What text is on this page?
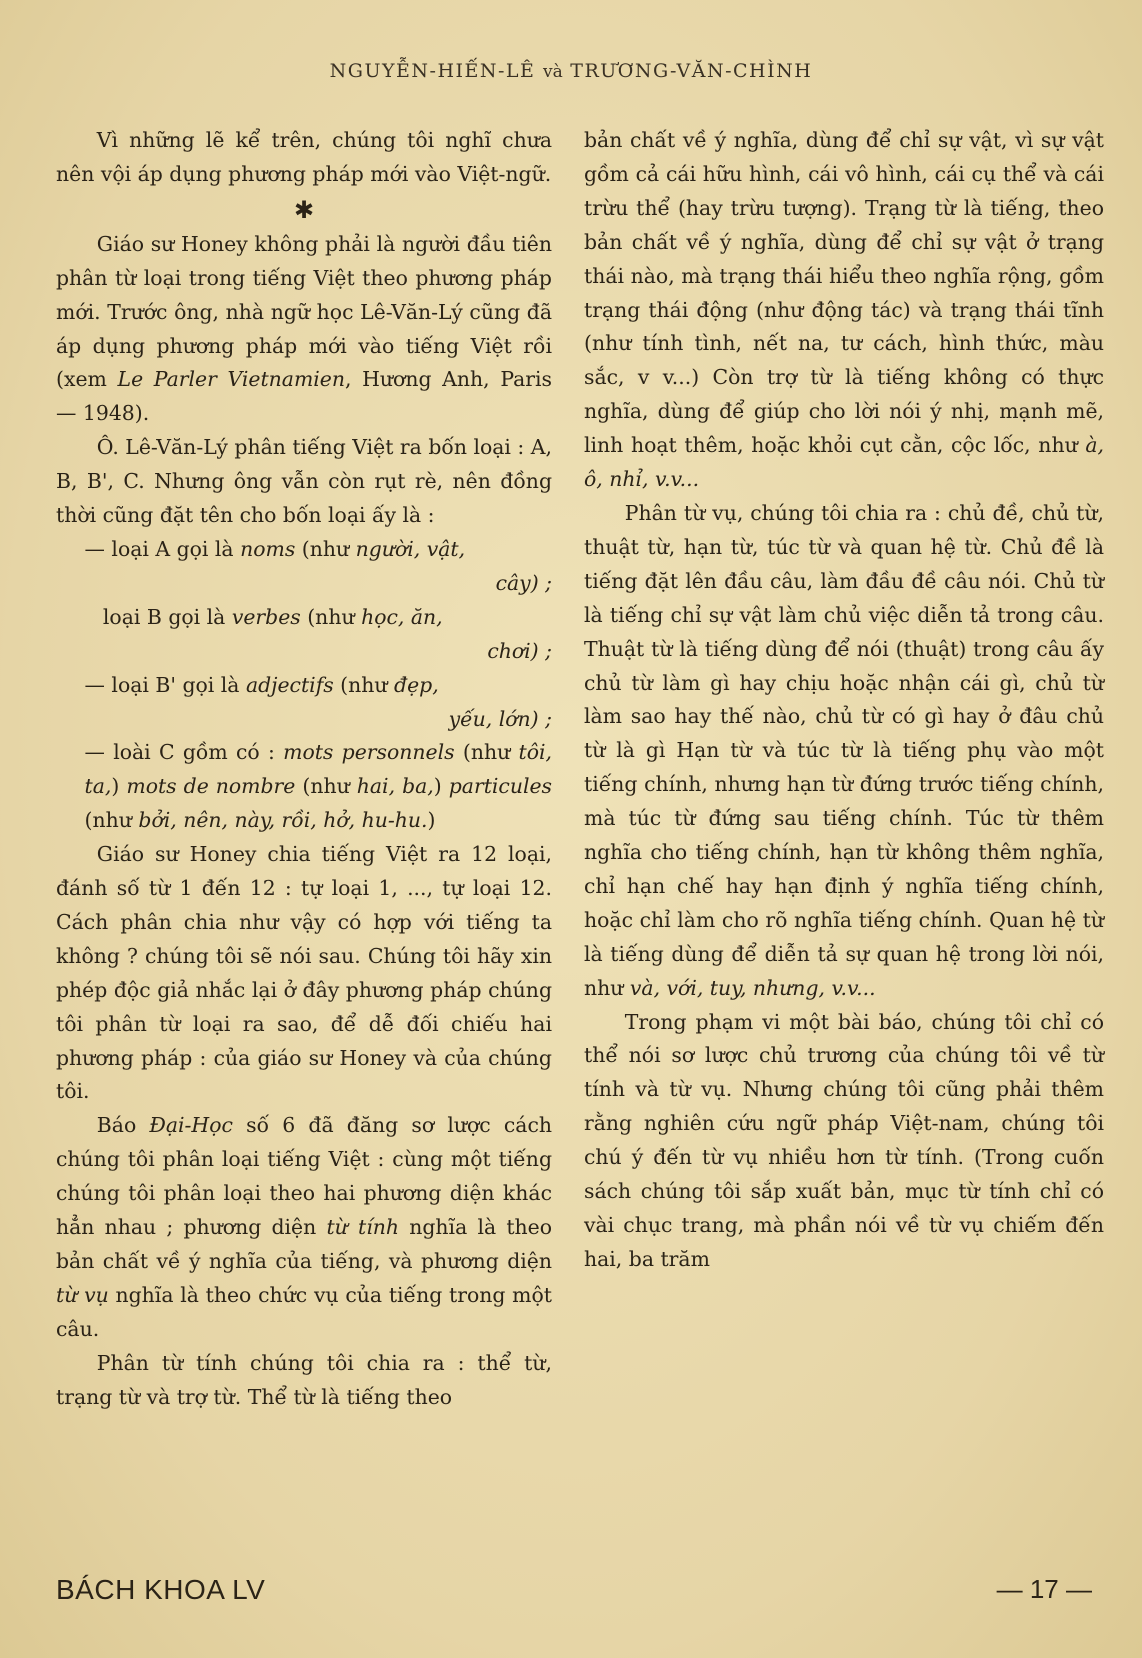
NGUYỄN-HIẾN-LÊ và TRƯƠNG-VĂN-CHÌNH

Vì những lẽ kể trên, chúng tôi nghĩ chưa nên vội áp dụng phương pháp mới vào Việt-ngữ.

✱

Giáo sư Honey không phải là người đầu tiên phân từ loại trong tiếng Việt theo phương pháp mới. Trước ông, nhà ngữ học Lê-Văn-Lý cũng đã áp dụng phương pháp mới vào tiếng Việt rồi (xem Le Parler Vietnamien, Hương Anh, Paris — 1948).

Ô. Lê-Văn-Lý phân tiếng Việt ra bốn loại : A, B, B', C. Nhưng ông vẫn còn rụt rè, nên đồng thời cũng đặt tên cho bốn loại ấy là :

— loại A gọi là noms (như người, vật,

cây) ;

loại B gọi là verbes (như học, ăn,

chơi) ;

— loại B' gọi là adjectifs (như đẹp,

yếu, lớn) ;

— loài C gồm có : mots personnels (như tôi, ta,) mots de nombre (như hai, ba,) particules (như bởi, nên, này, rồi, hở, hu-hu.)

Giáo sư Honey chia tiếng Việt ra 12 loại, đánh số từ 1 đến 12 : tự loại 1, ..., tự loại 12. Cách phân chia như vậy có hợp với tiếng ta không ? chúng tôi sẽ nói sau. Chúng tôi hãy xin phép độc giả nhắc lại ở đây phương pháp chúng tôi phân từ loại ra sao, để dễ đối chiếu hai phương pháp : của giáo sư Honey và của chúng tôi.

Báo Đại-Học số 6 đã đăng sơ lược cách chúng tôi phân loại tiếng Việt : cùng một tiếng chúng tôi phân loại theo hai phương diện khác hẳn nhau ; phương diện từ tính nghĩa là theo bản chất về ý nghĩa của tiếng, và phương diện từ vụ nghĩa là theo chức vụ của tiếng trong một câu.

Phân từ tính chúng tôi chia ra : thể từ, trạng từ và trợ từ. Thể từ là tiếng theo

bản chất về ý nghĩa, dùng để chỉ sự vật, vì sự vật gồm cả cái hữu hình, cái vô hình, cái cụ thể và cái trừu thể (hay trừu tượng). Trạng từ là tiếng, theo bản chất về ý nghĩa, dùng để chỉ sự vật ở trạng thái nào, mà trạng thái hiểu theo nghĩa rộng, gồm trạng thái động (như động tác) và trạng thái tĩnh (như tính tình, nết na, tư cách, hình thức, màu sắc, v v...) Còn trợ từ là tiếng không có thực nghĩa, dùng để giúp cho lời nói ý nhị, mạnh mẽ, linh hoạt thêm, hoặc khỏi cụt cằn, cộc lốc, như à, ô, nhỉ, v.v...

Phân từ vụ, chúng tôi chia ra : chủ đề, chủ từ, thuật từ, hạn từ, túc từ và quan hệ từ. Chủ đề là tiếng đặt lên đầu câu, làm đầu đề câu nói. Chủ từ là tiếng chỉ sự vật làm chủ việc diễn tả trong câu. Thuật từ là tiếng dùng để nói (thuật) trong câu ấy chủ từ làm gì hay chịu hoặc nhận cái gì, chủ từ làm sao hay thế nào, chủ từ có gì hay ở đâu chủ từ là gì Hạn từ và túc từ là tiếng phụ vào một tiếng chính, nhưng hạn từ đứng trước tiếng chính, mà túc từ đứng sau tiếng chính. Túc từ thêm nghĩa cho tiếng chính, hạn từ không thêm nghĩa, chỉ hạn chế hay hạn định ý nghĩa tiếng chính, hoặc chỉ làm cho rõ nghĩa tiếng chính. Quan hệ từ là tiếng dùng để diễn tả sự quan hệ trong lời nói, như và, với, tuy, nhưng, v.v...

Trong phạm vi một bài báo, chúng tôi chỉ có thể nói sơ lược chủ trương của chúng tôi về từ tính và từ vụ. Nhưng chúng tôi cũng phải thêm rằng nghiên cứu ngữ pháp Việt-nam, chúng tôi chú ý đến từ vụ nhiều hơn từ tính. (Trong cuốn sách chúng tôi sắp xuất bản, mục từ tính chỉ có vài chục trang, mà phần nói về từ vụ chiếm đến hai, ba trăm

BÁCH KHOA LV	— 17 —
